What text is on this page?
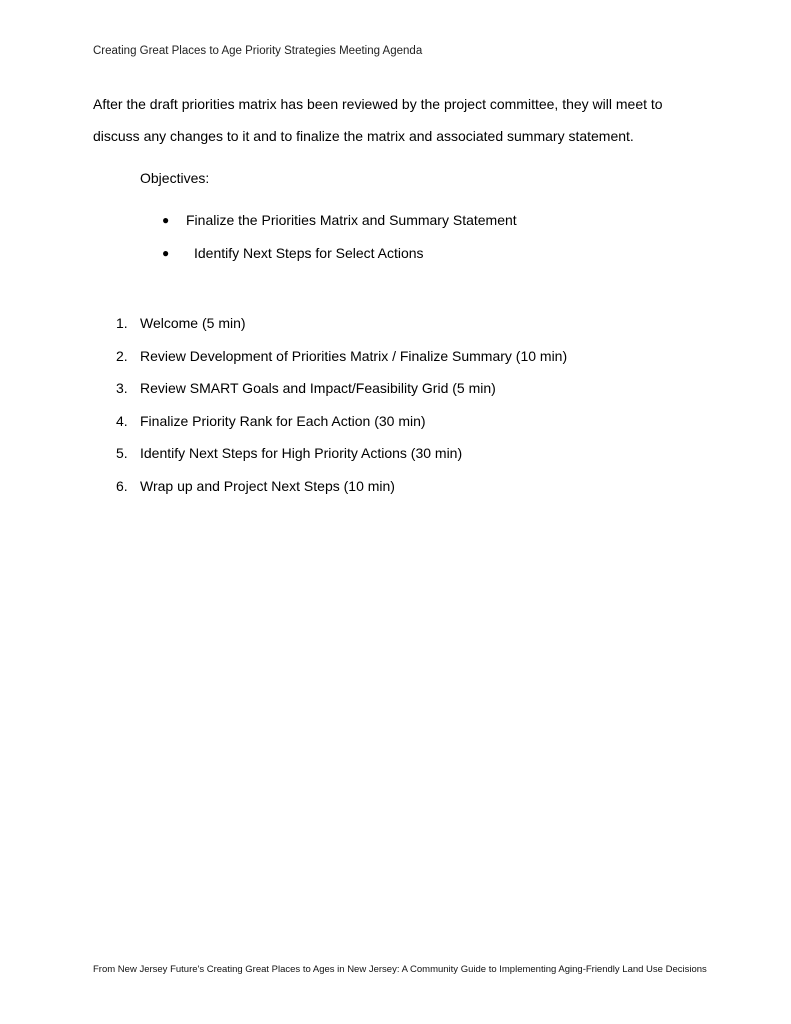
Creating Great Places to Age Priority Strategies Meeting Agenda

After the draft priorities matrix has been reviewed by the project committee, they will meet to discuss any changes to it and to finalize the matrix and associated summary statement.

Objectives:
● Finalize the Priorities Matrix and Summary Statement
● Identify Next Steps for Select Actions
1. Welcome (5 min)
2. Review Development of Priorities Matrix / Finalize Summary (10 min)
3. Review SMART Goals and Impact/Feasibility Grid (5 min)
4. Finalize Priority Rank for Each Action (30 min)
5. Identify Next Steps for High Priority Actions (30 min)
6. Wrap up and Project Next Steps (10 min)
From New Jersey Future's Creating Great Places to Ages in New Jersey: A Community Guide to Implementing Aging-Friendly Land Use Decisions
